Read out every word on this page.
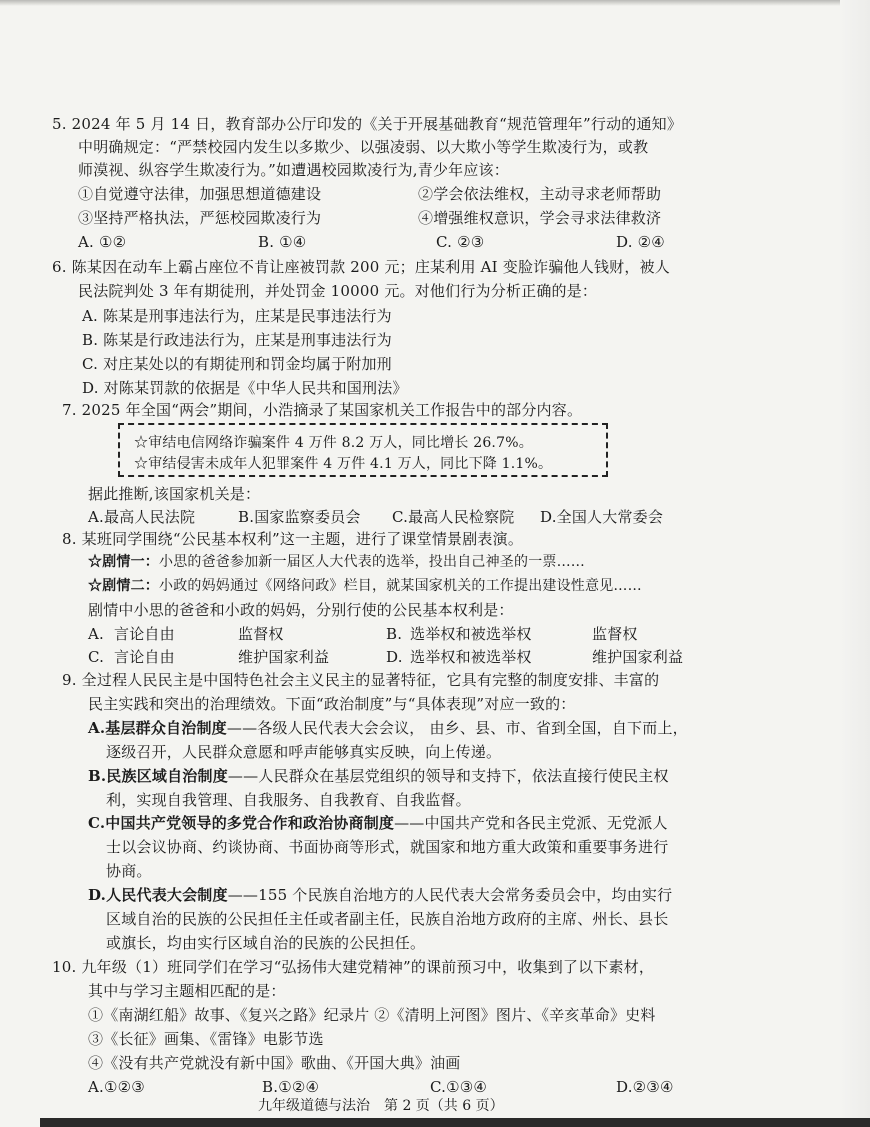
5. 2024 年 5 月 14 日，教育部办公厅印发的《关于开展基础教育“规范管理年”行动的通知》
中明确规定：“严禁校园内发生以多欺少、以强凌弱、以大欺小等学生欺凌行为，或教
师漠视、纵容学生欺凌行为。”如遭遇校园欺凌行为,青少年应该：
①自觉遵守法律，加强思想道德建设	②学会依法维权，主动寻求老师帮助
③坚持严格执法，严惩校园欺凌行为	④增强维权意识，学会寻求法律救济
A. ①②	B. ①④	C. ②③	D. ②④
6. 陈某因在动车上霸占座位不肯让座被罚款 200 元；庄某利用 AI 变脸诈骗他人钱财，被人
民法院判处 3 年有期徒刑，并处罚金 10000 元。对他们行为分析正确的是：
A. 陈某是刑事违法行为，庄某是民事违法行为
B. 陈某是行政违法行为，庄某是刑事违法行为
C. 对庄某处以的有期徒刑和罚金均属于附加刑
D. 对陈某罚款的依据是《中华人民共和国刑法》
7. 2025 年全国“两会”期间，小浩摘录了某国家机关工作报告中的部分内容。
☆审结电信网络诈骗案件 4 万件 8.2 万人，同比增长 26.7%。
☆审结侵害未成年人犯罪案件 4 万件 4.1 万人，同比下降 1.1%。
据此推断,该国家机关是：
A.最高人民法院	B.国家监察委员会 C.最高人民检察院 D.全国人大常委会
8. 某班同学围绕“公民基本权利”这一主题，进行了课堂情景剧表演。
☆剧情一：小思的爸爸参加新一届区人大代表的选举，投出自己神圣的一票……
☆剧情二：小政的妈妈通过《网络问政》栏目，就某国家机关的工作提出建设性意见……
剧情中小思的爸爸和小政的妈妈，分别行使的公民基本权利是：
A. 言论自由	监督权	B. 选举权和被选举权	监督权
C. 言论自由	维护国家利益	D. 选举权和被选举权	维护国家利益
9. 全过程人民民主是中国特色社会主义民主的显著特征，它具有完整的制度安排、丰富的
民主实践和突出的治理绩效。下面“政治制度”与“具体表现”对应一致的：
A.基层群众自治制度——各级人民代表大会会议， 由乡、县、市、省到全国，自下而上，
逐级召开，人民群众意愿和呼声能够真实反映，向上传递。
B.民族区域自治制度——人民群众在基层党组织的领导和支持下，依法直接行使民主权
利，实现自我管理、自我服务、自我教育、自我监督。
C.中国共产党领导的多党合作和政治协商制度——中国共产党和各民主党派、无党派人
士以会议协商、约谈协商、书面协商等形式，就国家和地方重大政策和重要事务进行
协商。
D.人民代表大会制度——155 个民族自治地方的人民代表大会常务委员会中，均由实行
区域自治的民族的公民担任主任或者副主任，民族自治地方政府的主席、州长、县长
或旗长，均由实行区域自治的民族的公民担任。
10. 九年级（1）班同学们在学习“弘扬伟大建党精神”的课前预习中，收集到了以下素材，
其中与学习主题相匹配的是：
①《南湖红船》故事、《复兴之路》纪录片 ②《清明上河图》图片、《辛亥革命》史料
③《长征》画集、《雷锋》电影节选
④《没有共产党就没有新中国》歌曲、《开国大典》油画
A.①②③	B.①②④	C.①③④	D.②③④
九年级道德与法治　第 2 页（共 6 页）
